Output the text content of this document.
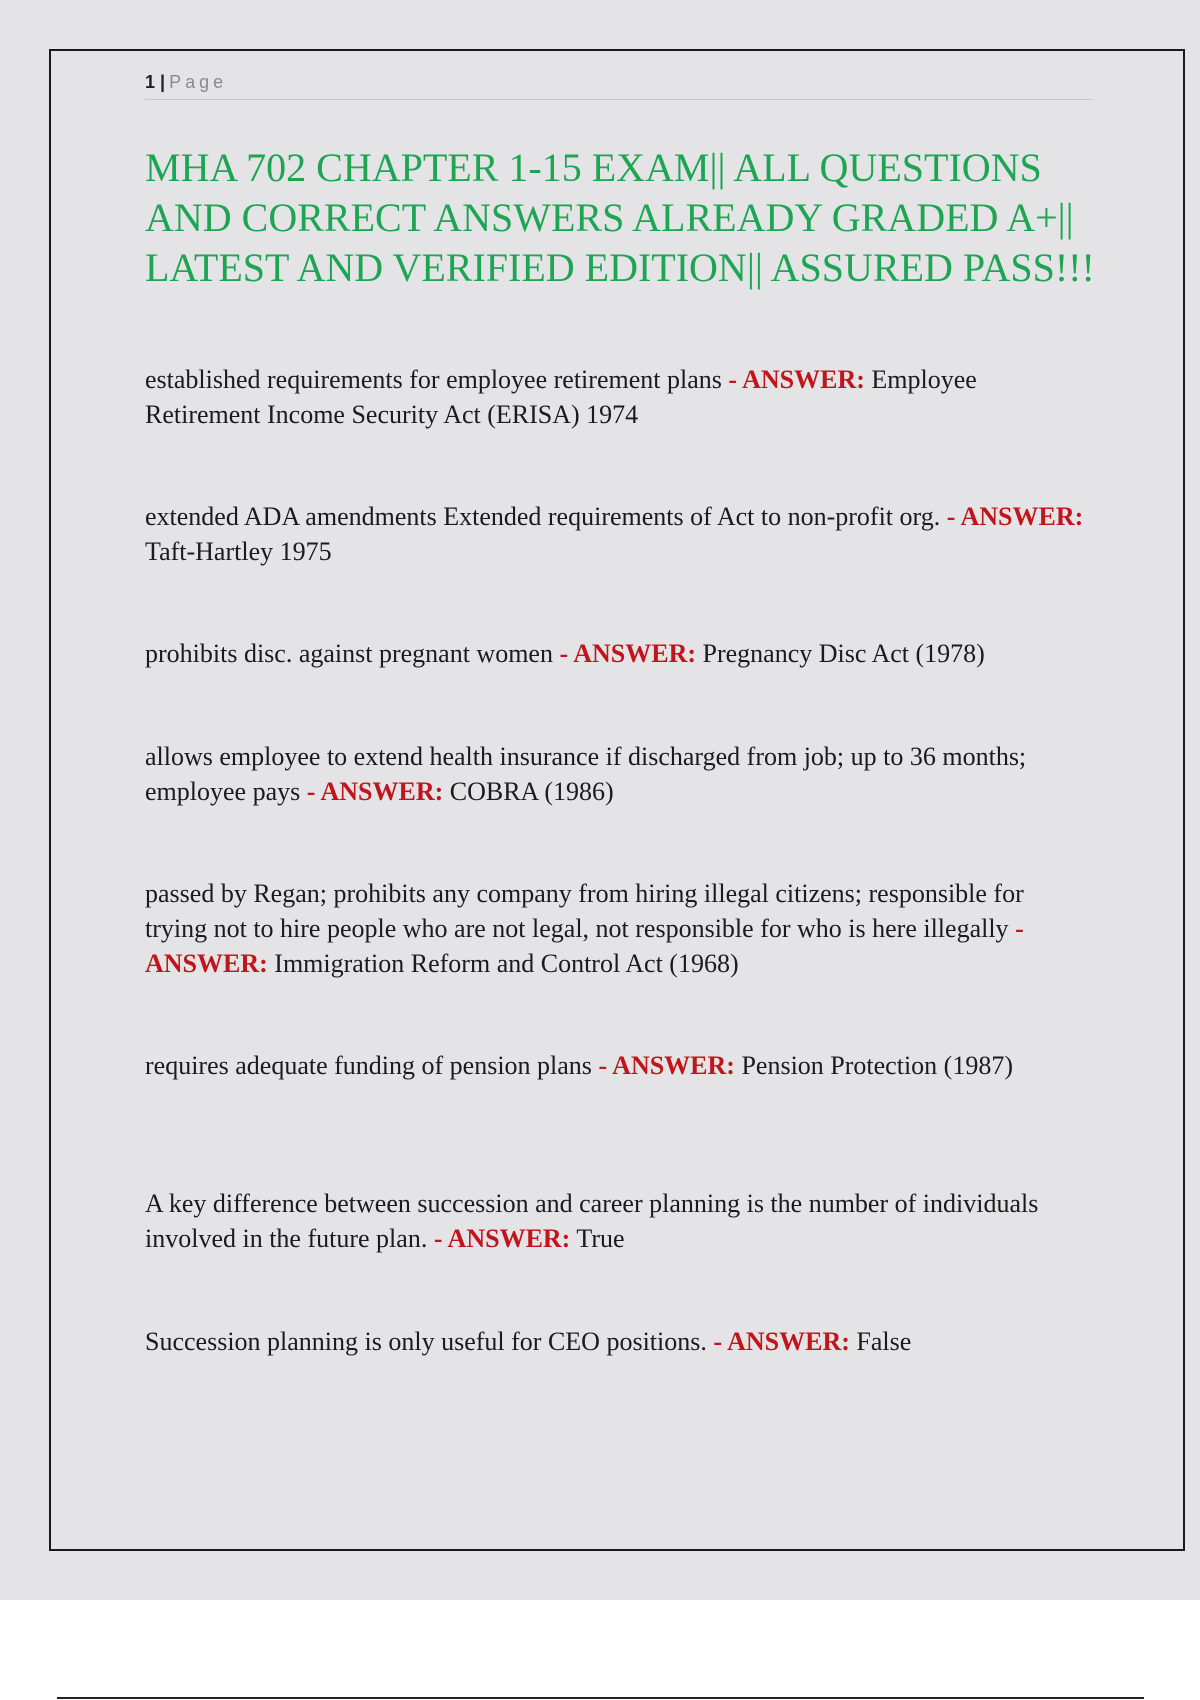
1 | Page
MHA 702 CHAPTER 1-15 EXAM|| ALL QUESTIONS AND CORRECT ANSWERS ALREADY GRADED A+|| LATEST AND VERIFIED EDITION|| ASSURED PASS!!!

established requirements for employee retirement plans - ANSWER: Employee Retirement Income Security Act (ERISA) 1974

extended ADA amendments Extended requirements of Act to non-profit org. - ANSWER: Taft-Hartley 1975

prohibits disc. against pregnant women - ANSWER: Pregnancy Disc Act (1978)

allows employee to extend health insurance if discharged from job; up to 36 months; employee pays - ANSWER: COBRA (1986)

passed by Regan; prohibits any company from hiring illegal citizens; responsible for trying not to hire people who are not legal, not responsible for who is here illegally - ANSWER: Immigration Reform and Control Act (1968)

requires adequate funding of pension plans - ANSWER: Pension Protection (1987)

A key difference between succession and career planning is the number of individuals involved in the future plan. - ANSWER: True

Succession planning is only useful for CEO positions. - ANSWER: False
